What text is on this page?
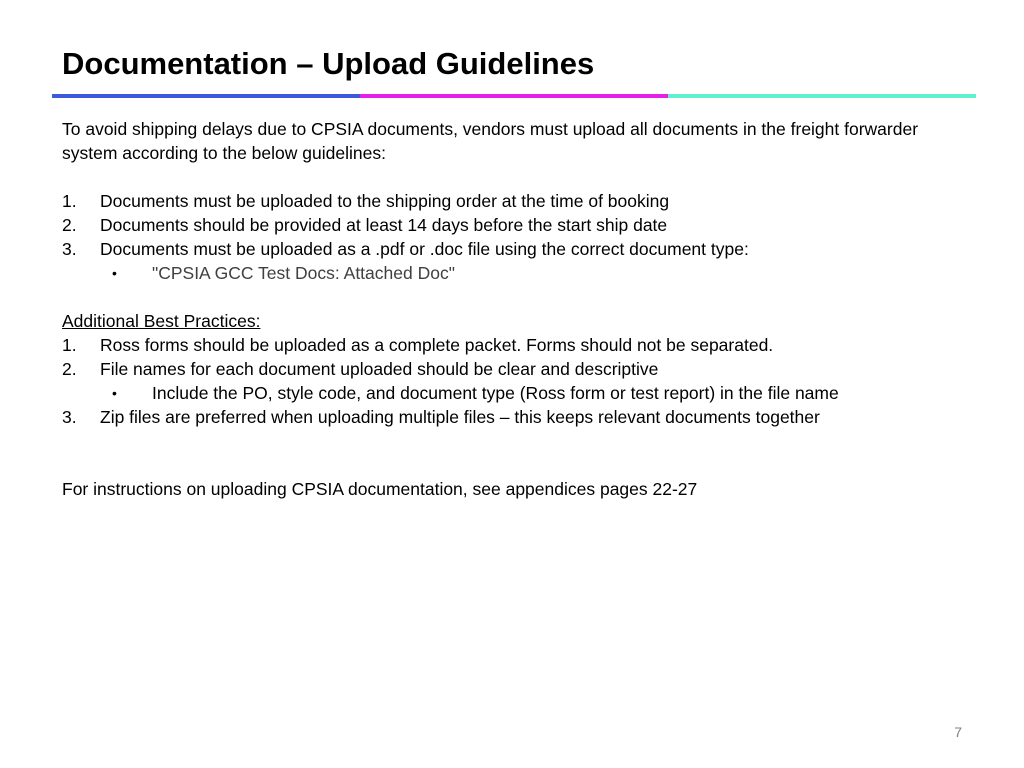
Documentation – Upload Guidelines

To avoid shipping delays due to CPSIA documents, vendors must upload all documents in the freight forwarder system according to the below guidelines:

1.	Documents must be uploaded to the shipping order at the time of booking
2.	Documents should be provided at least 14 days before the start ship date
3.	Documents must be uploaded as a .pdf or .doc file using the correct document type:
•	"CPSIA GCC Test Docs: Attached Doc"
Additional Best Practices:
1.	Ross forms should be uploaded as a complete packet. Forms should not be separated.
2.	File names for each document uploaded should be clear and descriptive
•	Include the PO, style code, and document type (Ross form or test report) in the file name
3.	Zip files are preferred when uploading multiple files – this keeps relevant documents together

For instructions on uploading CPSIA documentation, see appendices pages 22-27

7
